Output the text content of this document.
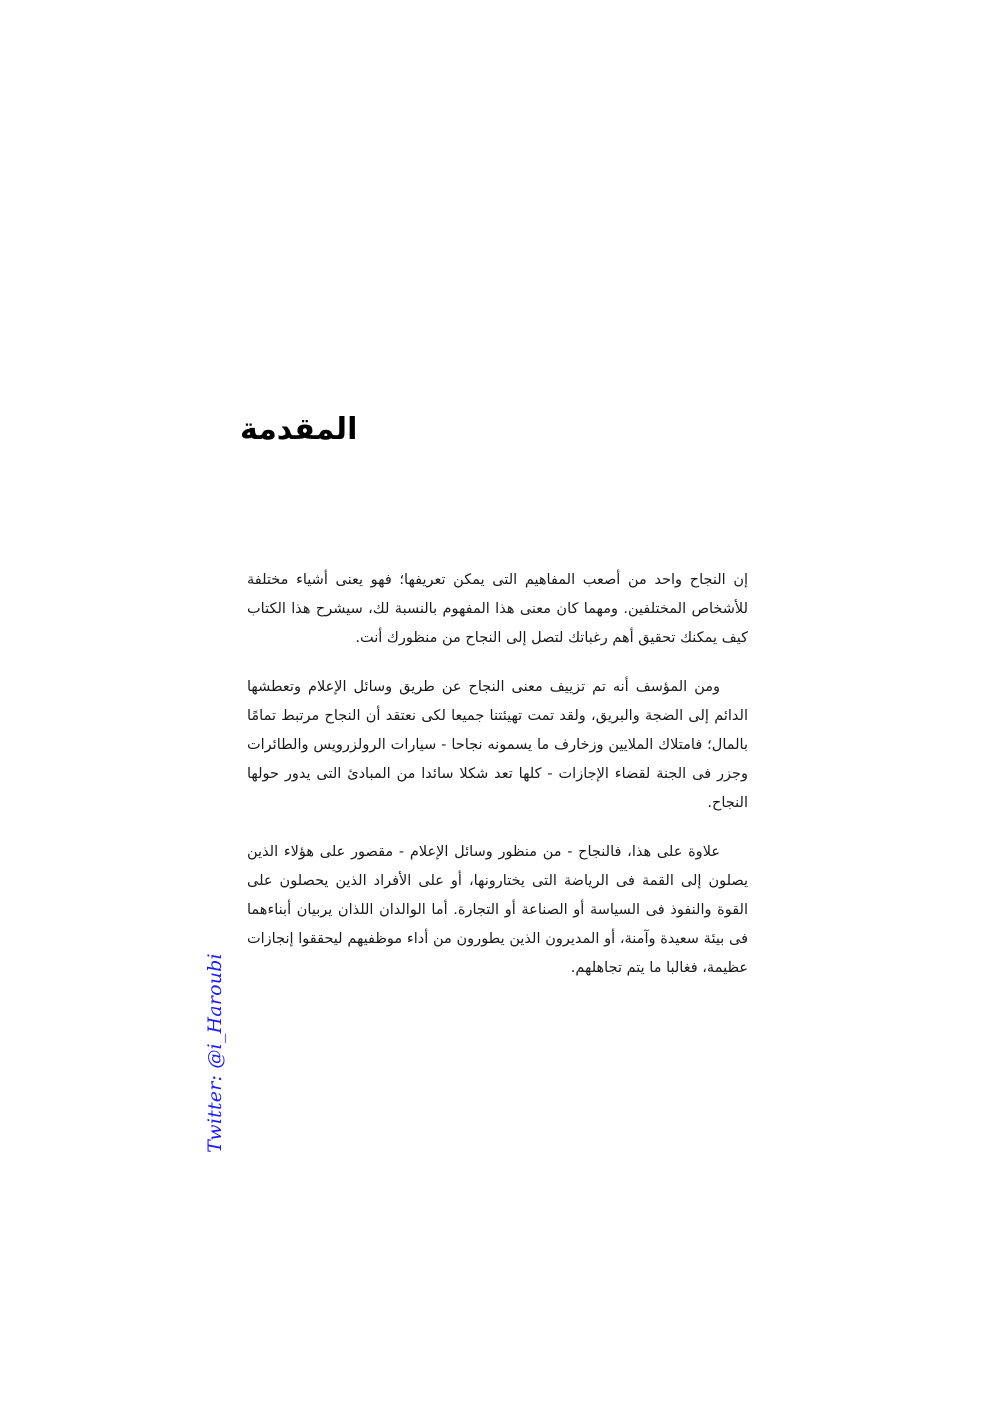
المقدمة

إن النجاح واحد من أصعب المفاهيم التى يمكن تعريفها؛ فهو يعنى أشياء مختلفة للأشخاص المختلفين. ومهما كان معنى هذا المفهوم بالنسبة لك، سيشرح هذا الكتاب كيف يمكنك تحقيق أهم رغباتك لتصل إلى النجاح من منظورك أنت.

ومن المؤسف أنه تم تزييف معنى النجاح عن طريق وسائل الإعلام وتعطشها الدائم إلى الضجة والبريق، ولقد تمت تهيئتنا جميعا لكى نعتقد أن النجاح مرتبط تمامًا بالمال؛ فامتلاك الملايين وزخارف ما يسمونه نجاحا - سيارات الرولزرويس والطائرات وجزر فى الجنة لقضاء الإجازات - كلها تعد شكلا سائدا من المبادئ التى يدور حولها النجاح.

علاوة على هذا، فالنجاح - من منظور وسائل الإعلام - مقصور على هؤلاء الذين يصلون إلى القمة فى الرياضة التى يختارونها، أو على الأفراد الذين يحصلون على القوة والنفوذ فى السياسة أو الصناعة أو التجارة. أما الوالدان اللذان يربيان أبناءهما فى بيئة سعيدة وآمنة، أو المديرون الذين يطورون من أداء موظفيهم ليحققوا إنجازات عظيمة، فغالبا ما يتم تجاهلهم.

Twitter: @i_Haroubi
